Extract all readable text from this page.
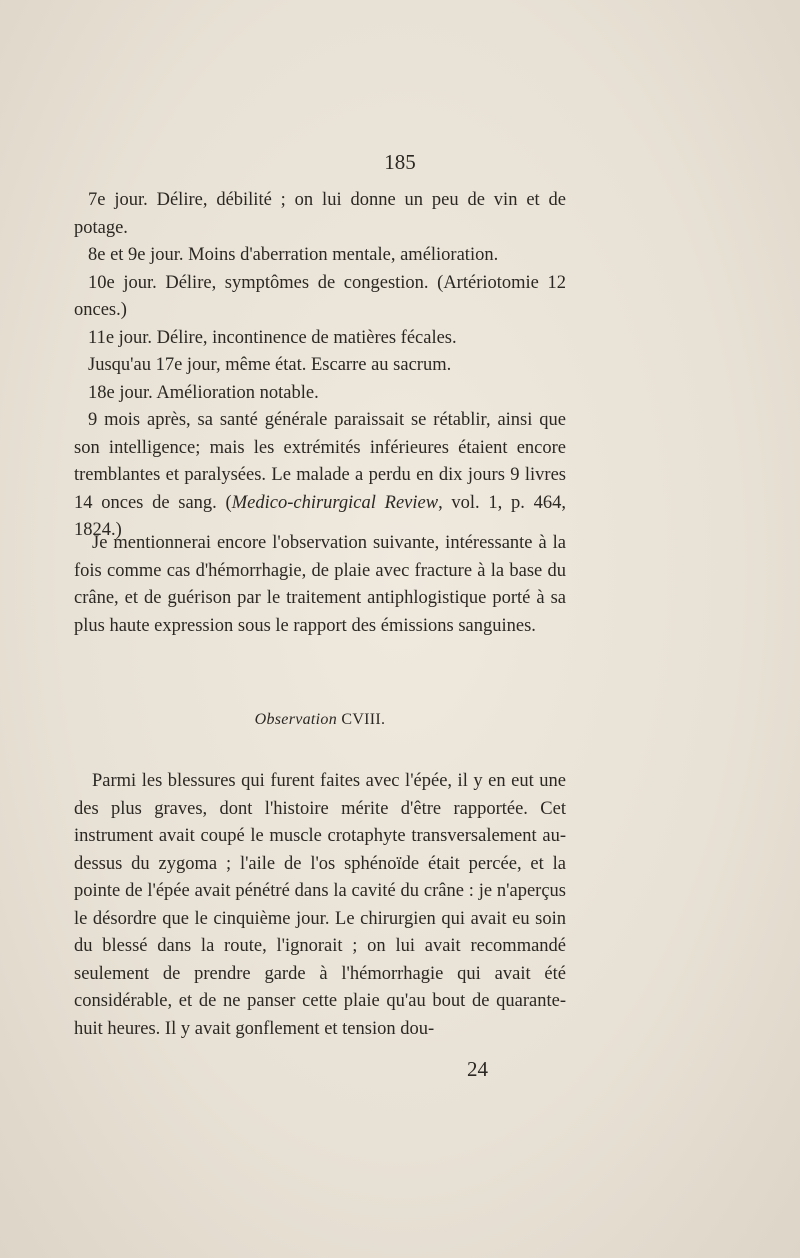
185

7e jour. Délire, débilité ; on lui donne un peu de vin et de potage.

8e et 9e jour. Moins d'aberration mentale, amélioration.

10e jour. Délire, symptômes de congestion. (Artériotomie 12 onces.)

11e jour. Délire, incontinence de matières fécales.

Jusqu'au 17e jour, même état. Escarre au sacrum.

18e jour. Amélioration notable.

9 mois après, sa santé générale paraissait se rétablir, ainsi que son intelligence; mais les extrémités inférieures étaient encore tremblantes et paralysées. Le malade a perdu en dix jours 9 livres 14 onces de sang. (Medico-chirurgical Review, vol. 1, p. 464, 1824.)

Je mentionnerai encore l'observation suivante, intéressante à la fois comme cas d'hémorrhagie, de plaie avec fracture à la base du crâne, et de guérison par le traitement antiphlogistique porté à sa plus haute expression sous le rapport des émissions sanguines.

Observation CVIII.

Parmi les blessures qui furent faites avec l'épée, il y en eut une des plus graves, dont l'histoire mérite d'être rapportée. Cet instrument avait coupé le muscle crotaphyte transversalement au-dessus du zygoma ; l'aile de l'os sphénoïde était percée, et la pointe de l'épée avait pénétré dans la cavité du crâne : je n'aperçus le désordre que le cinquième jour. Le chirurgien qui avait eu soin du blessé dans la route, l'ignorait ; on lui avait recommandé seulement de prendre garde à l'hémorrhagie qui avait été considérable, et de ne panser cette plaie qu'au bout de quarante-huit heures. Il y avait gonflement et tension dou-

24
